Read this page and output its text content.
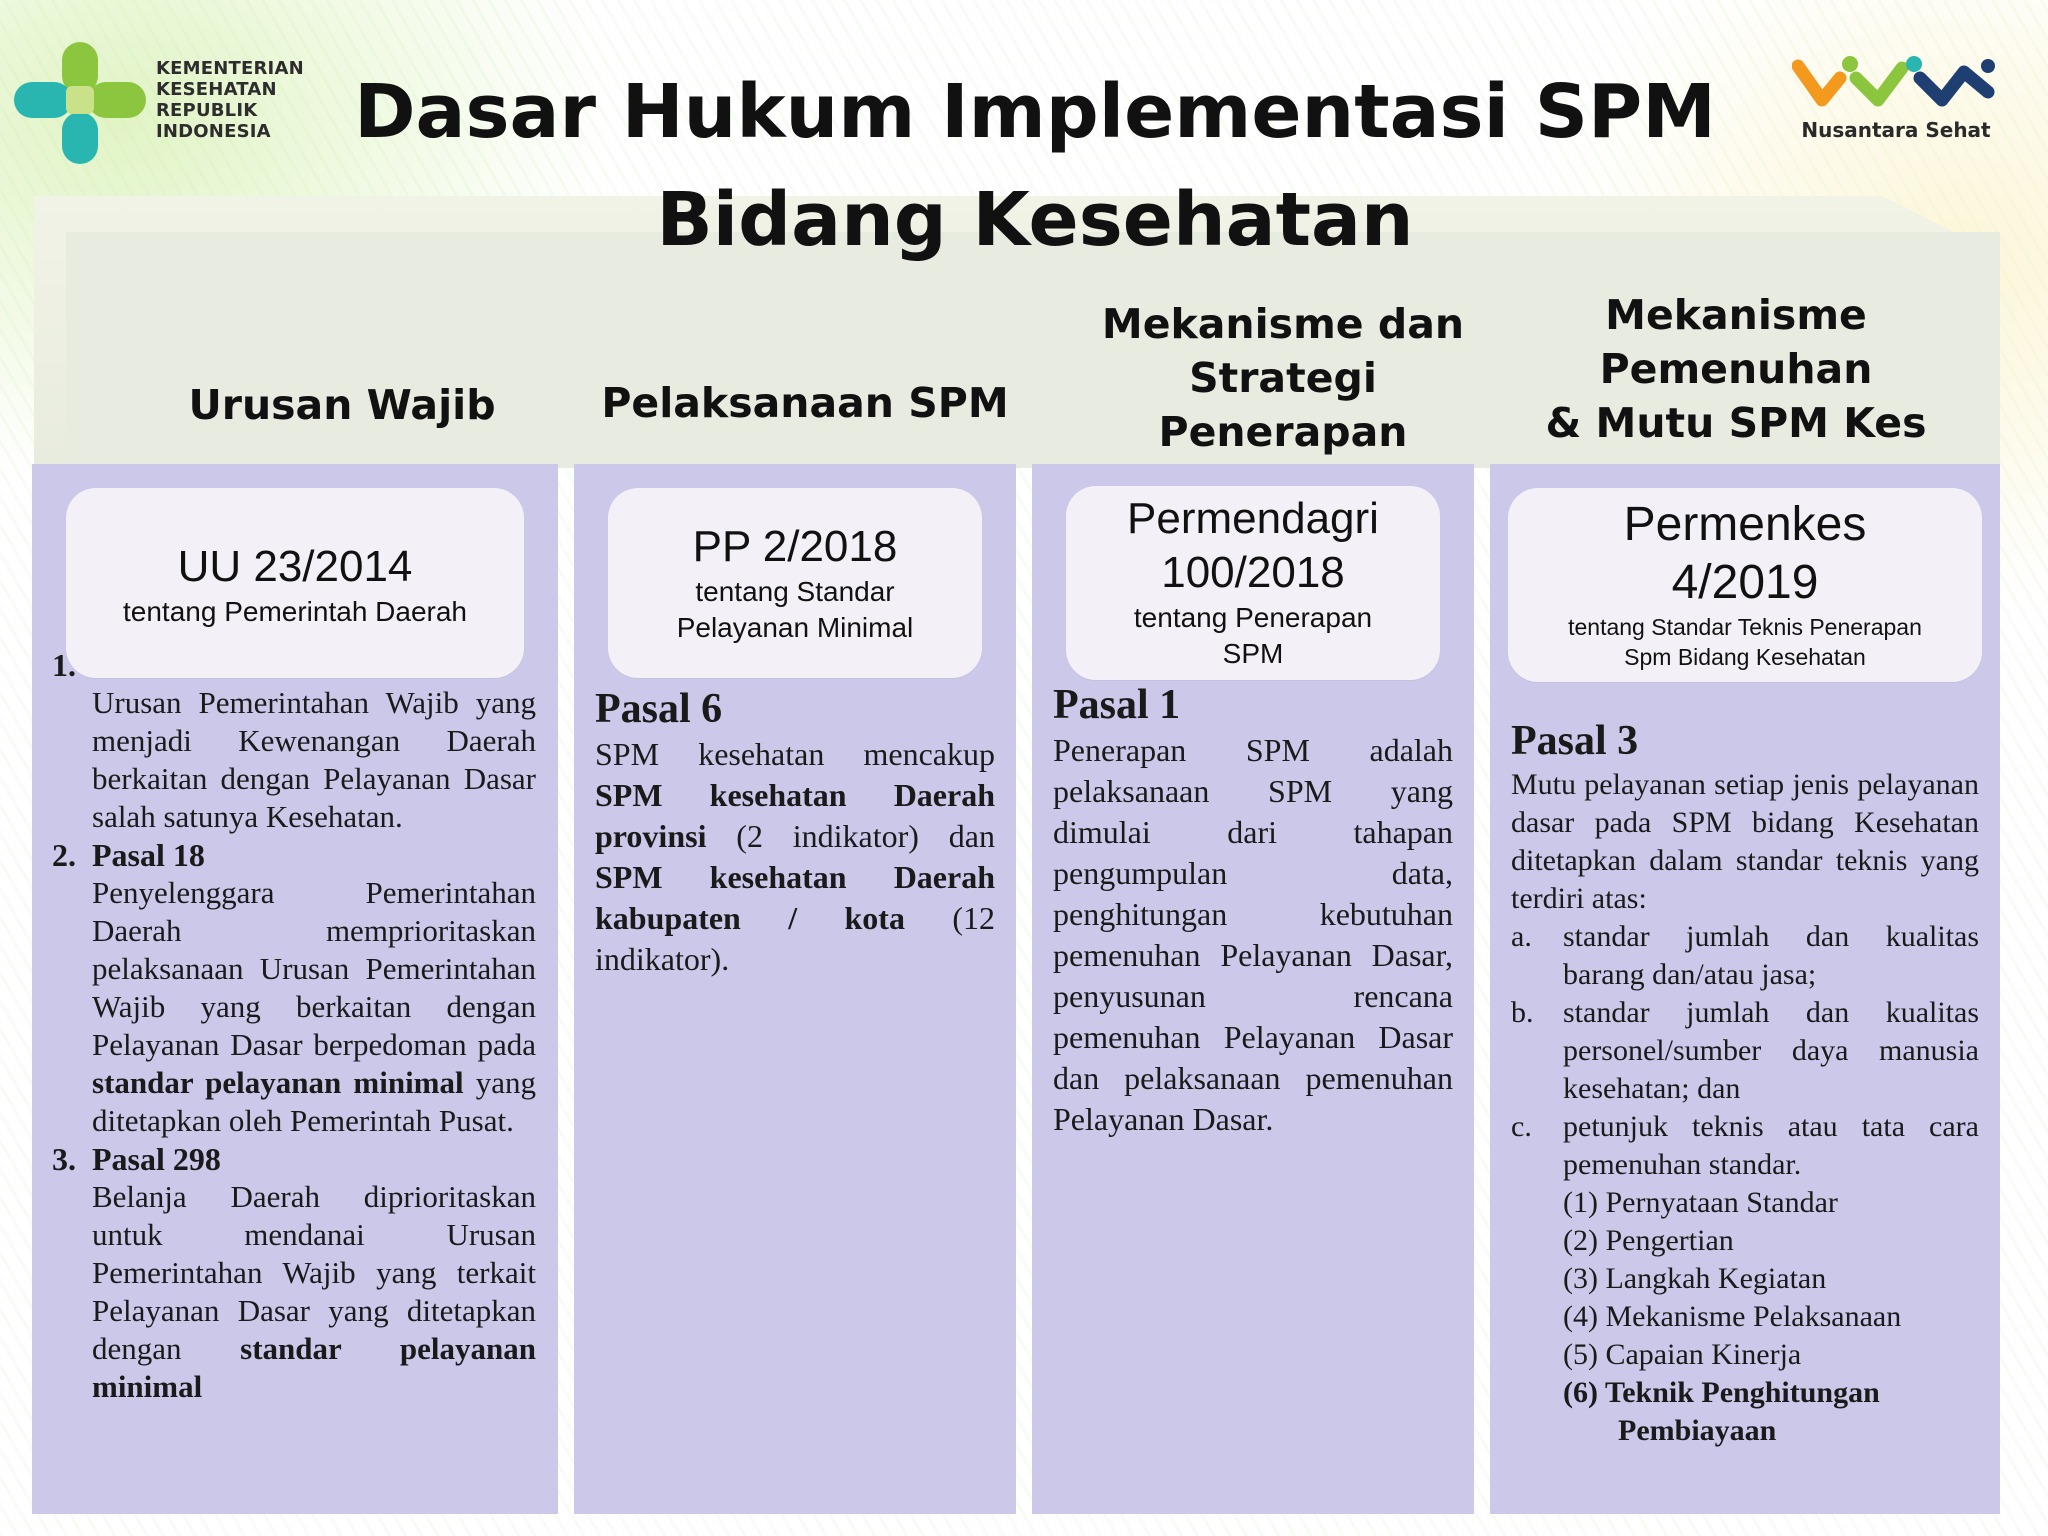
KEMENTERIAN
KESEHATAN
REPUBLIK
INDONESIA	Nusantara Sehat
Dasar Hukum Implementasi SPM
Bidang Kesehatan
Urusan Wajib	Pelaksanaan SPM
Mekanisme dan
Strategi
Penerapan
Mekanisme
Pemenuhan
& Mutu SPM Kes
UU 23/2014
tentang Pemerintah Daerah
PP 2/2018
tentang Standar
Pelayanan Minimal
Permendagri
100/2018
tentang Penerapan
SPM
Permenkes
4/2019
tentang Standar Teknis Penerapan
Spm Bidang Kesehatan
1.
Urusan Pemerintahan Wajib yang menjadi Kewenangan Daerah berkaitan dengan Pelayanan Dasar salah satunya Kesehatan.
2. Pasal 18
Penyelenggara Pemerintahan Daerah memprioritaskan pelaksanaan Urusan Pemerintahan Wajib yang berkaitan dengan Pelayanan Dasar berpedoman pada standar pelayanan minimal yang ditetapkan oleh Pemerintah Pusat.
3. Pasal 298
Belanja Daerah diprioritaskan untuk mendanai Urusan Pemerintahan Wajib yang terkait Pelayanan Dasar yang ditetapkan dengan standar pelayanan minimal
Pasal 6
SPM kesehatan mencakup SPM kesehatan Daerah provinsi (2 indikator) dan SPM kesehatan Daerah kabupaten / kota (12 indikator).
Pasal 1
Penerapan SPM adalah pelaksanaan SPM yang dimulai dari tahapan pengumpulan data, penghitungan kebutuhan pemenuhan Pelayanan Dasar, penyusunan rencana pemenuhan Pelayanan Dasar dan pelaksanaan pemenuhan Pelayanan Dasar.
Pasal 3
Mutu pelayanan setiap jenis pelayanan dasar pada SPM bidang Kesehatan ditetapkan dalam standar teknis yang terdiri atas:
a. standar jumlah dan kualitas barang dan/atau jasa;
b. standar jumlah dan kualitas personel/sumber daya manusia kesehatan; dan
c. petunjuk teknis atau tata cara pemenuhan standar.
(1) Pernyataan Standar
(2) Pengertian
(3) Langkah Kegiatan
(4) Mekanisme Pelaksanaan
(5) Capaian Kinerja
(6) Teknik Penghitungan
Pembiayaan
